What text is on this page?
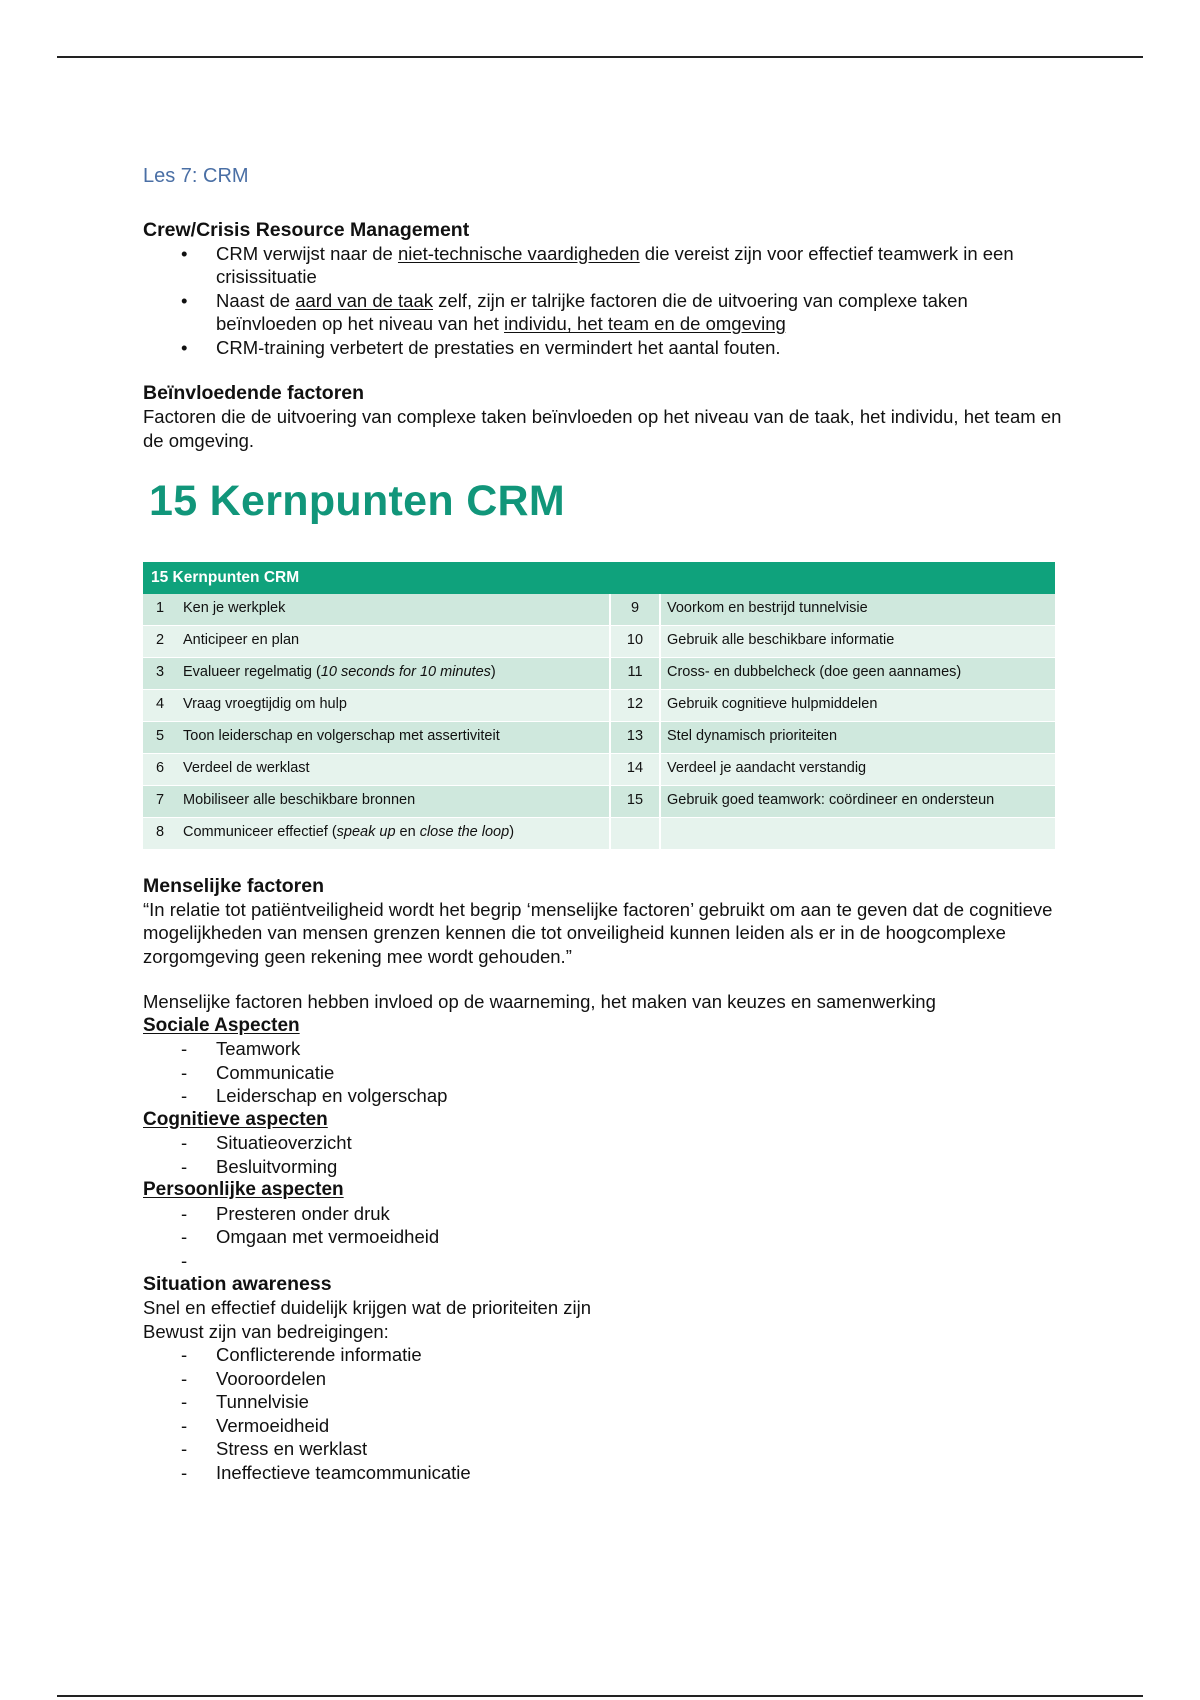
Les 7: CRM
Crew/Crisis Resource Management
• CRM verwijst naar de niet-technische vaardigheden die vereist zijn voor effectief teamwerk in een crisissituatie
• Naast de aard van de taak zelf, zijn er talrijke factoren die de uitvoering van complexe taken beïnvloeden op het niveau van het individu, het team en de omgeving
• CRM-training verbetert de prestaties en vermindert het aantal fouten.
Beïnvloedende factoren

Factoren die de uitvoering van complexe taken beïnvloeden op het niveau van de taak, het individu, het team en de omgeving.

15 Kernpunten CRM
15 Kernpunten CRM			
1	Ken je werkplek	9	Voorkom en bestrijd tunnelvisie
2	Anticipeer en plan	10	Gebruik alle beschikbare informatie
3	Evalueer regelmatig (10 seconds for 10 minutes)	11	Cross- en dubbelcheck (doe geen aannames)
4	Vraag vroegtijdig om hulp	12	Gebruik cognitieve hulpmiddelen
5	Toon leiderschap en volgerschap met assertiviteit	13	Stel dynamisch prioriteiten
6	Verdeel de werklast	14	Verdeel je aandacht verstandig
7	Mobiliseer alle beschikbare bronnen	15	Gebruik goed teamwork: coördineer en ondersteun
8	Communiceer effectief (speak up en close the loop)		
Menselijke factoren

“In relatie tot patiëntveiligheid wordt het begrip ‘menselijke factoren’ gebruikt om aan te geven dat de cognitieve mogelijkheden van mensen grenzen kennen die tot onveiligheid kunnen leiden als er in de hoogcomplexe zorgomgeving geen rekening mee wordt gehouden.”

Menselijke factoren hebben invloed op de waarneming, het maken van keuzes en samenwerking

Sociale Aspecten
- Teamwork
- Communicatie
- Leiderschap en volgerschap
Cognitieve aspecten
- Situatieoverzicht
- Besluitvorming
Persoonlijke aspecten
- Presteren onder druk
- Omgaan met vermoeidheid
-
Situation awareness

Snel en effectief duidelijk krijgen wat de prioriteiten zijn

Bewust zijn van bedreigingen:

- Conflicterende informatie
- Vooroordelen
- Tunnelvisie
- Vermoeidheid
- Stress en werklast
- Ineffectieve teamcommunicatie
